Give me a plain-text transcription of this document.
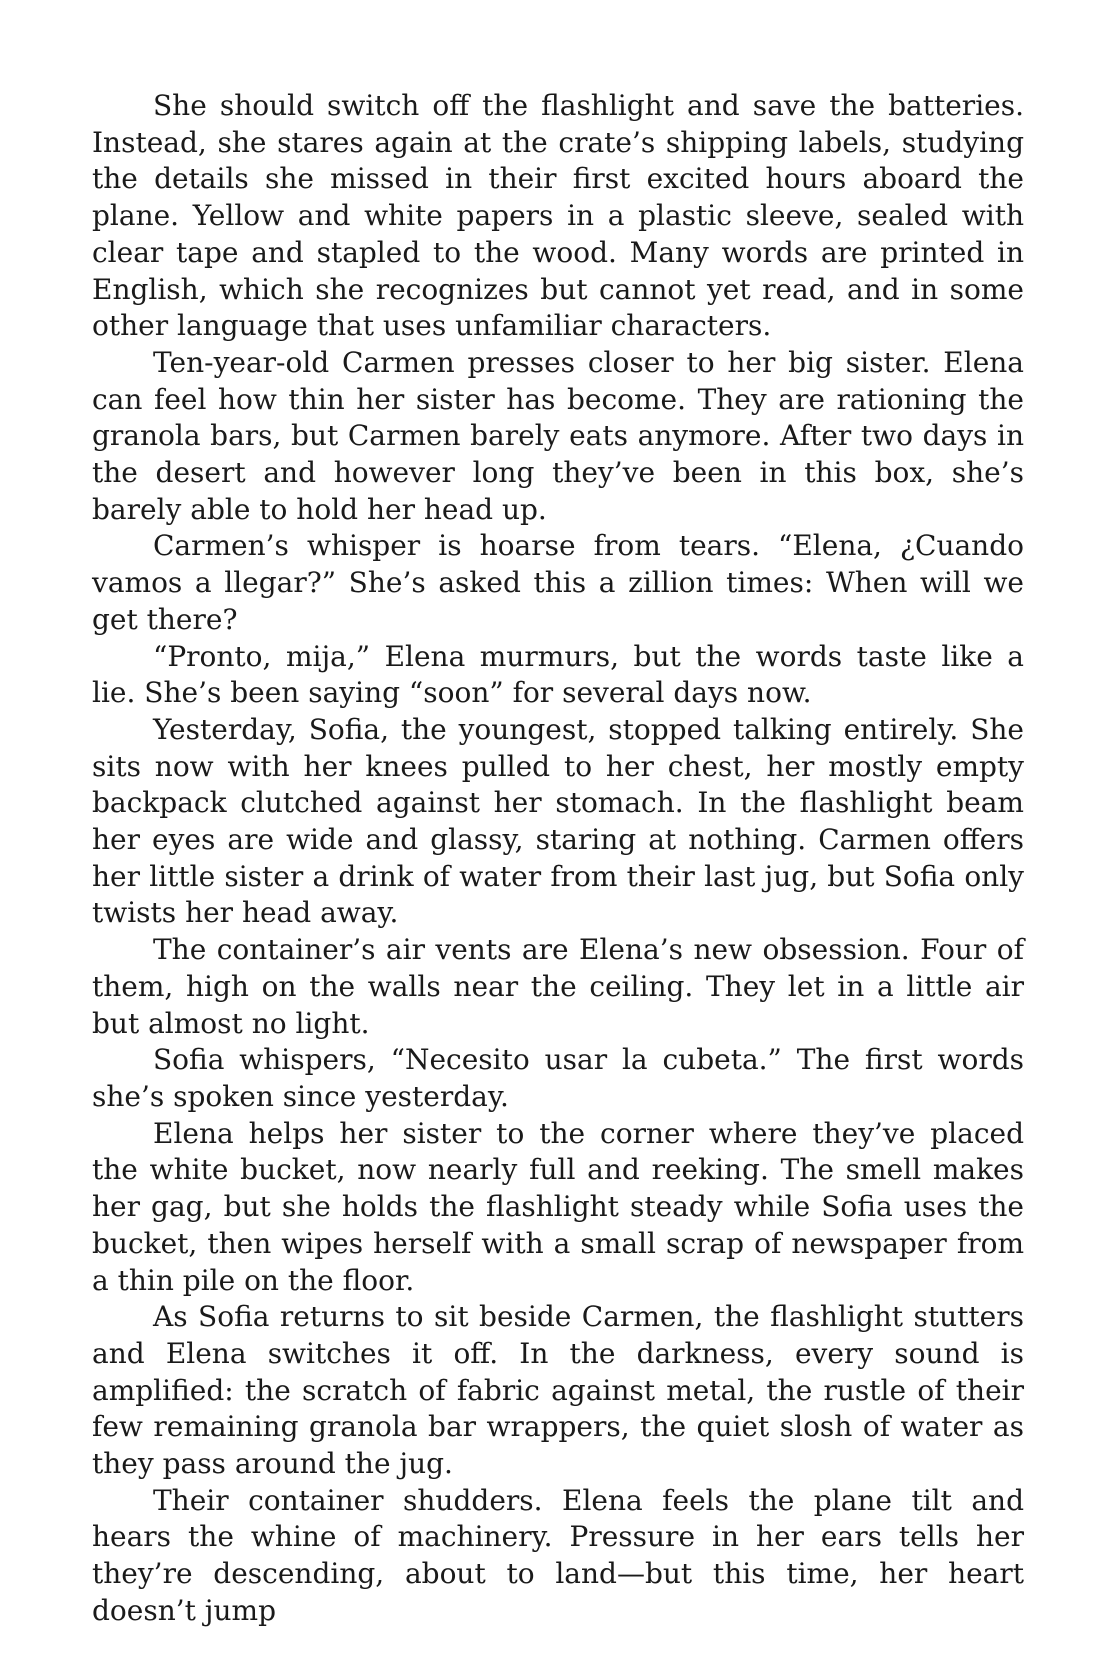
She should switch off the flashlight and save the batteries. Instead, she stares again at the crate’s shipping labels, studying the details she missed in their first excited hours aboard the plane. Yellow and white papers in a plastic sleeve, sealed with clear tape and stapled to the wood. Many words are printed in English, which she recognizes but cannot yet read, and in some other language that uses unfamiliar characters.

Ten-year-old Carmen presses closer to her big sister. Elena can feel how thin her sister has become. They are rationing the granola bars, but Carmen barely eats anymore. After two days in the desert and however long they’ve been in this box, she’s barely able to hold her head up.

Carmen’s whisper is hoarse from tears. “Elena, ¿Cuando vamos a llegar?” She’s asked this a zillion times: When will we get there?

“Pronto, mija,” Elena murmurs, but the words taste like a lie. She’s been saying “soon” for several days now.

Yesterday, Sofia, the youngest, stopped talking entirely. She sits now with her knees pulled to her chest, her mostly empty backpack clutched against her stomach. In the flashlight beam her eyes are wide and glassy, staring at nothing. Carmen offers her little sister a drink of water from their last jug, but Sofia only twists her head away.

The container’s air vents are Elena’s new obsession. Four of them, high on the walls near the ceiling. They let in a little air but almost no light.

Sofia whispers, “Necesito usar la cubeta.” The first words she’s spoken since yesterday.

Elena helps her sister to the corner where they’ve placed the white bucket, now nearly full and reeking. The smell makes her gag, but she holds the flashlight steady while Sofia uses the bucket, then wipes herself with a small scrap of newspaper from a thin pile on the floor.

As Sofia returns to sit beside Carmen, the flashlight stutters and Elena switches it off. In the darkness, every sound is amplified: the scratch of fabric against metal, the rustle of their few remaining granola bar wrappers, the quiet slosh of water as they pass around the jug.

Their container shudders. Elena feels the plane tilt and hears the whine of machinery. Pressure in her ears tells her they’re descending, about to land—but this time, her heart doesn’t jump
